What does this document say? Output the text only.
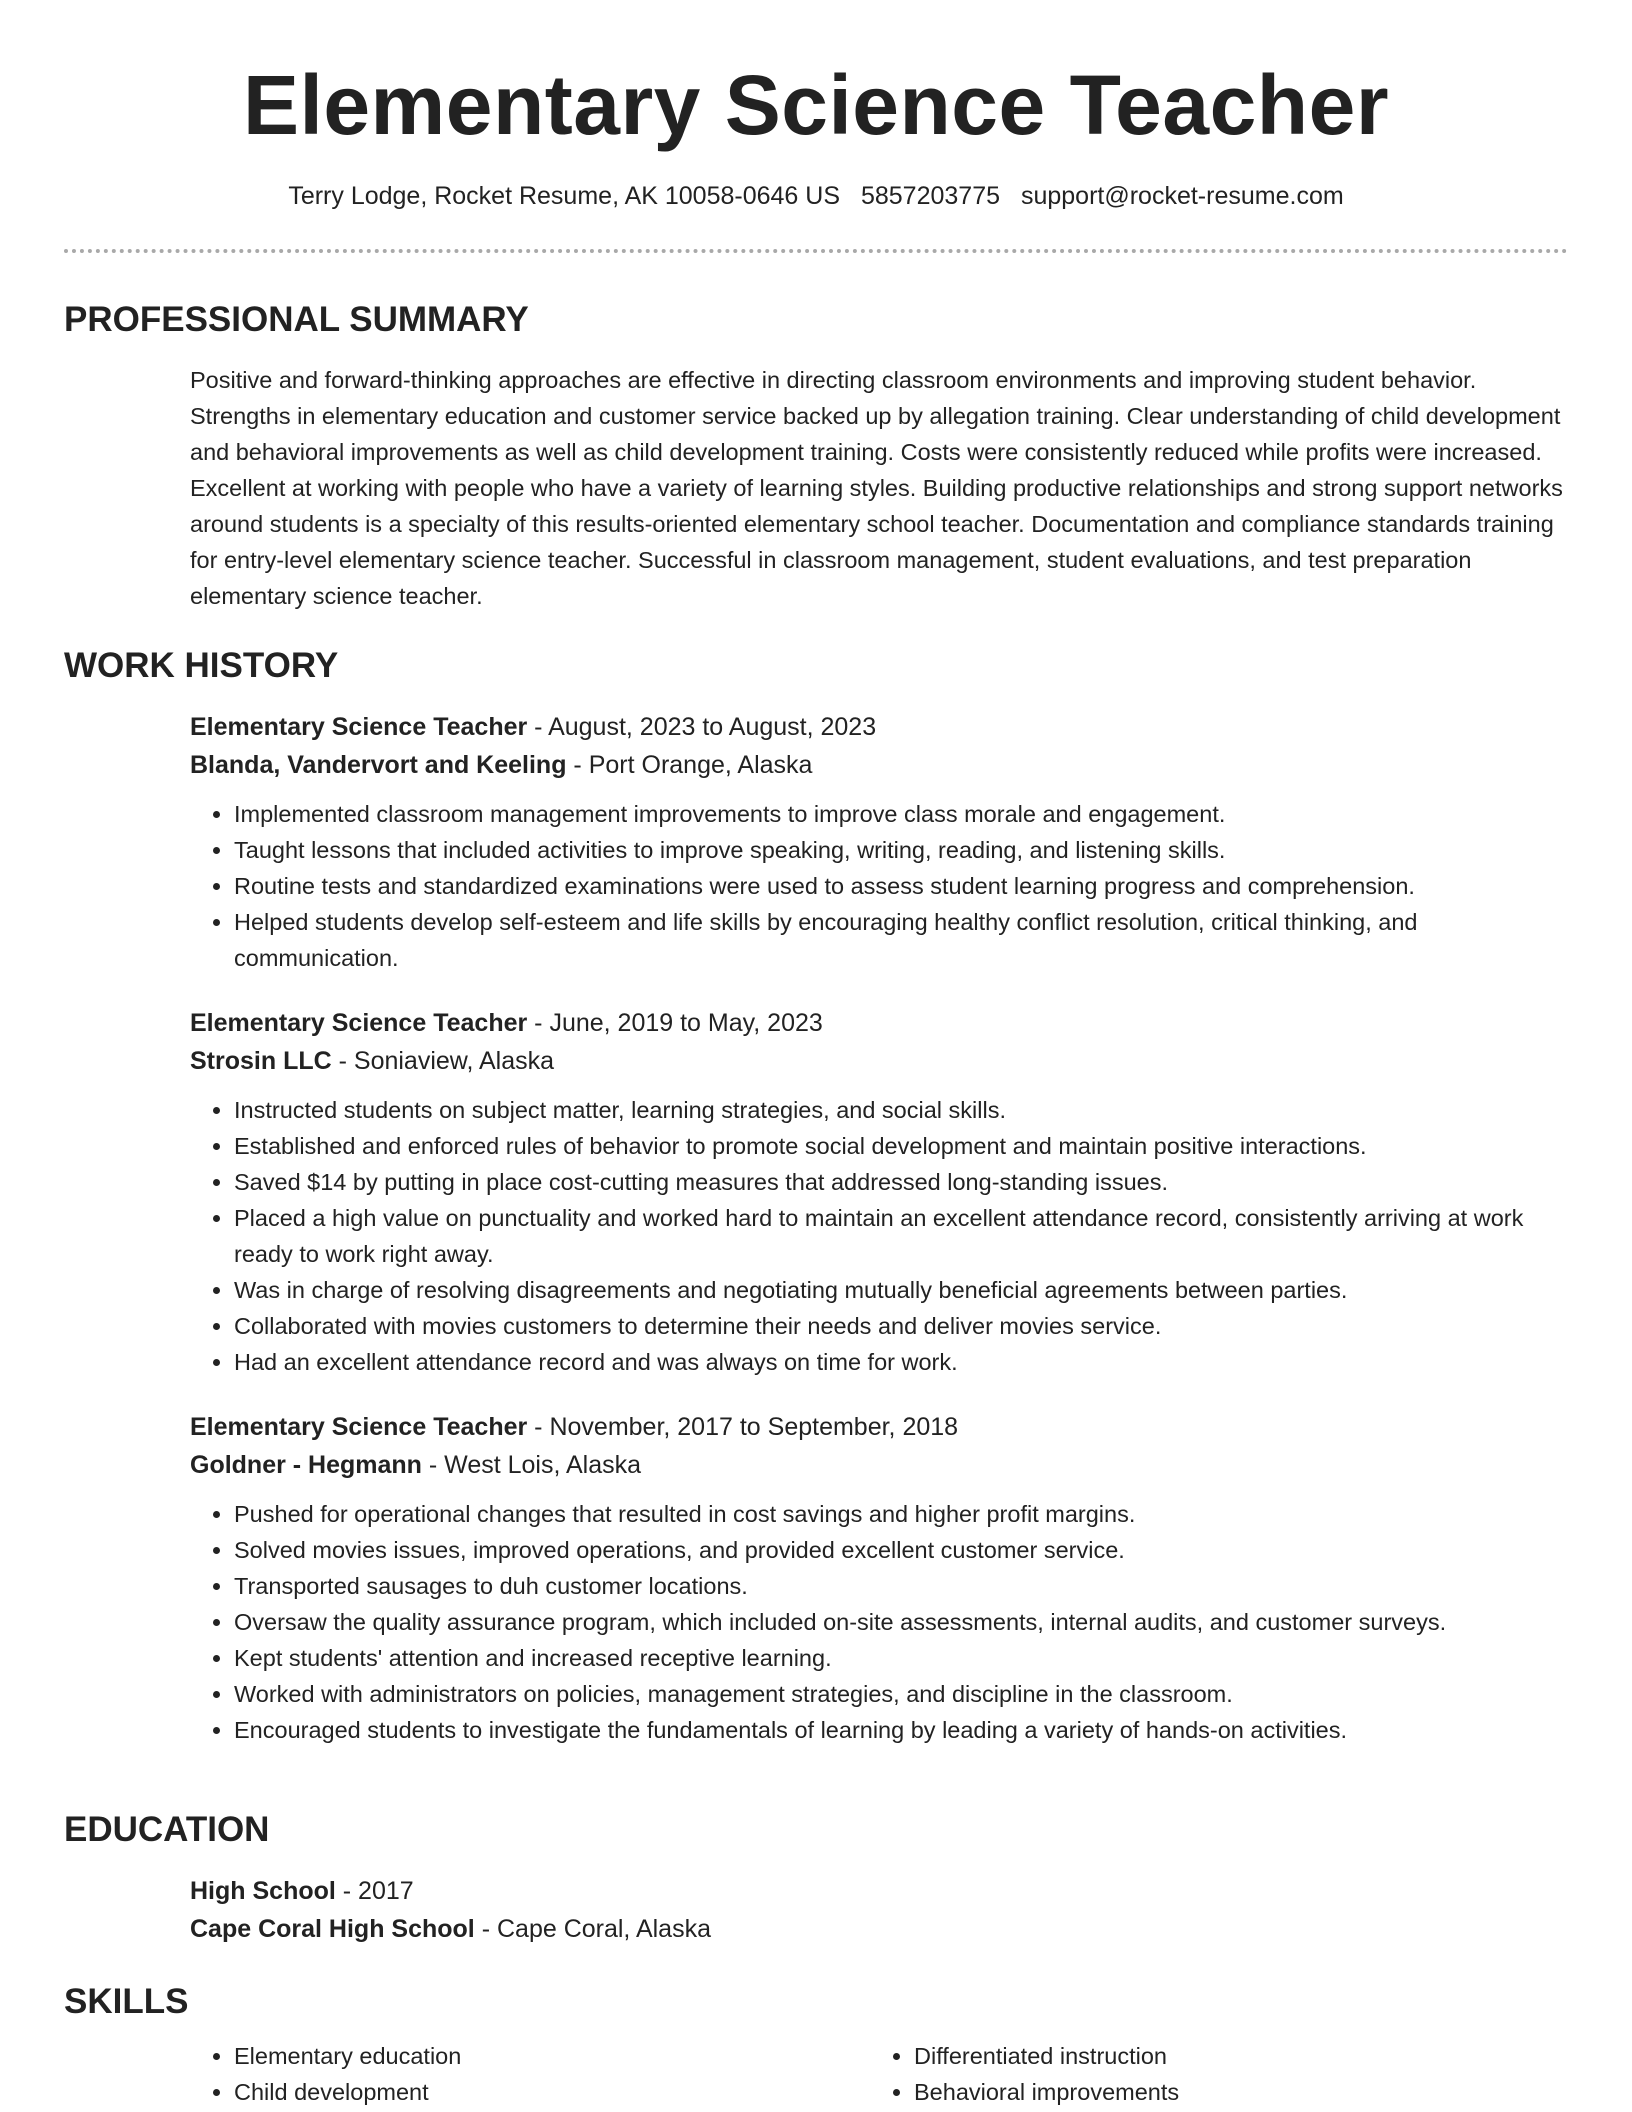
Elementary Science Teacher
Terry Lodge, Rocket Resume, AK 10058-0646 US 5857203775 support@rocket-resume.com
PROFESSIONAL SUMMARY
Positive and forward-thinking approaches are effective in directing classroom environments and improving student behavior. Strengths in elementary education and customer service backed up by allegation training. Clear understanding of child development and behavioral improvements as well as child development training. Costs were consistently reduced while profits were increased. Excellent at working with people who have a variety of learning styles. Building productive relationships and strong support networks around students is a specialty of this results-oriented elementary school teacher. Documentation and compliance standards training for entry-level elementary science teacher. Successful in classroom management, student evaluations, and test preparation elementary science teacher.
WORK HISTORY
Elementary Science Teacher - August, 2023 to August, 2023
Blanda, Vandervort and Keeling - Port Orange, Alaska
• Implemented classroom management improvements to improve class morale and engagement.
• Taught lessons that included activities to improve speaking, writing, reading, and listening skills.
• Routine tests and standardized examinations were used to assess student learning progress and comprehension.
• Helped students develop self-esteem and life skills by encouraging healthy conflict resolution, critical thinking, and communication.
Elementary Science Teacher - June, 2019 to May, 2023
Strosin LLC - Soniaview, Alaska
• Instructed students on subject matter, learning strategies, and social skills.
• Established and enforced rules of behavior to promote social development and maintain positive interactions.
• Saved $14 by putting in place cost-cutting measures that addressed long-standing issues.
• Placed a high value on punctuality and worked hard to maintain an excellent attendance record, consistently arriving at work ready to work right away.
• Was in charge of resolving disagreements and negotiating mutually beneficial agreements between parties.
• Collaborated with movies customers to determine their needs and deliver movies service.
• Had an excellent attendance record and was always on time for work.
Elementary Science Teacher - November, 2017 to September, 2018
Goldner - Hegmann - West Lois, Alaska
• Pushed for operational changes that resulted in cost savings and higher profit margins.
• Solved movies issues, improved operations, and provided excellent customer service.
• Transported sausages to duh customer locations.
• Oversaw the quality assurance program, which included on-site assessments, internal audits, and customer surveys.
• Kept students' attention and increased receptive learning.
• Worked with administrators on policies, management strategies, and discipline in the classroom.
• Encouraged students to investigate the fundamentals of learning by leading a variety of hands-on activities.
EDUCATION
High School - 2017
Cape Coral High School - Cape Coral, Alaska
SKILLS
• Elementary education
• Child development
• Differentiated instruction
• Behavioral improvements
